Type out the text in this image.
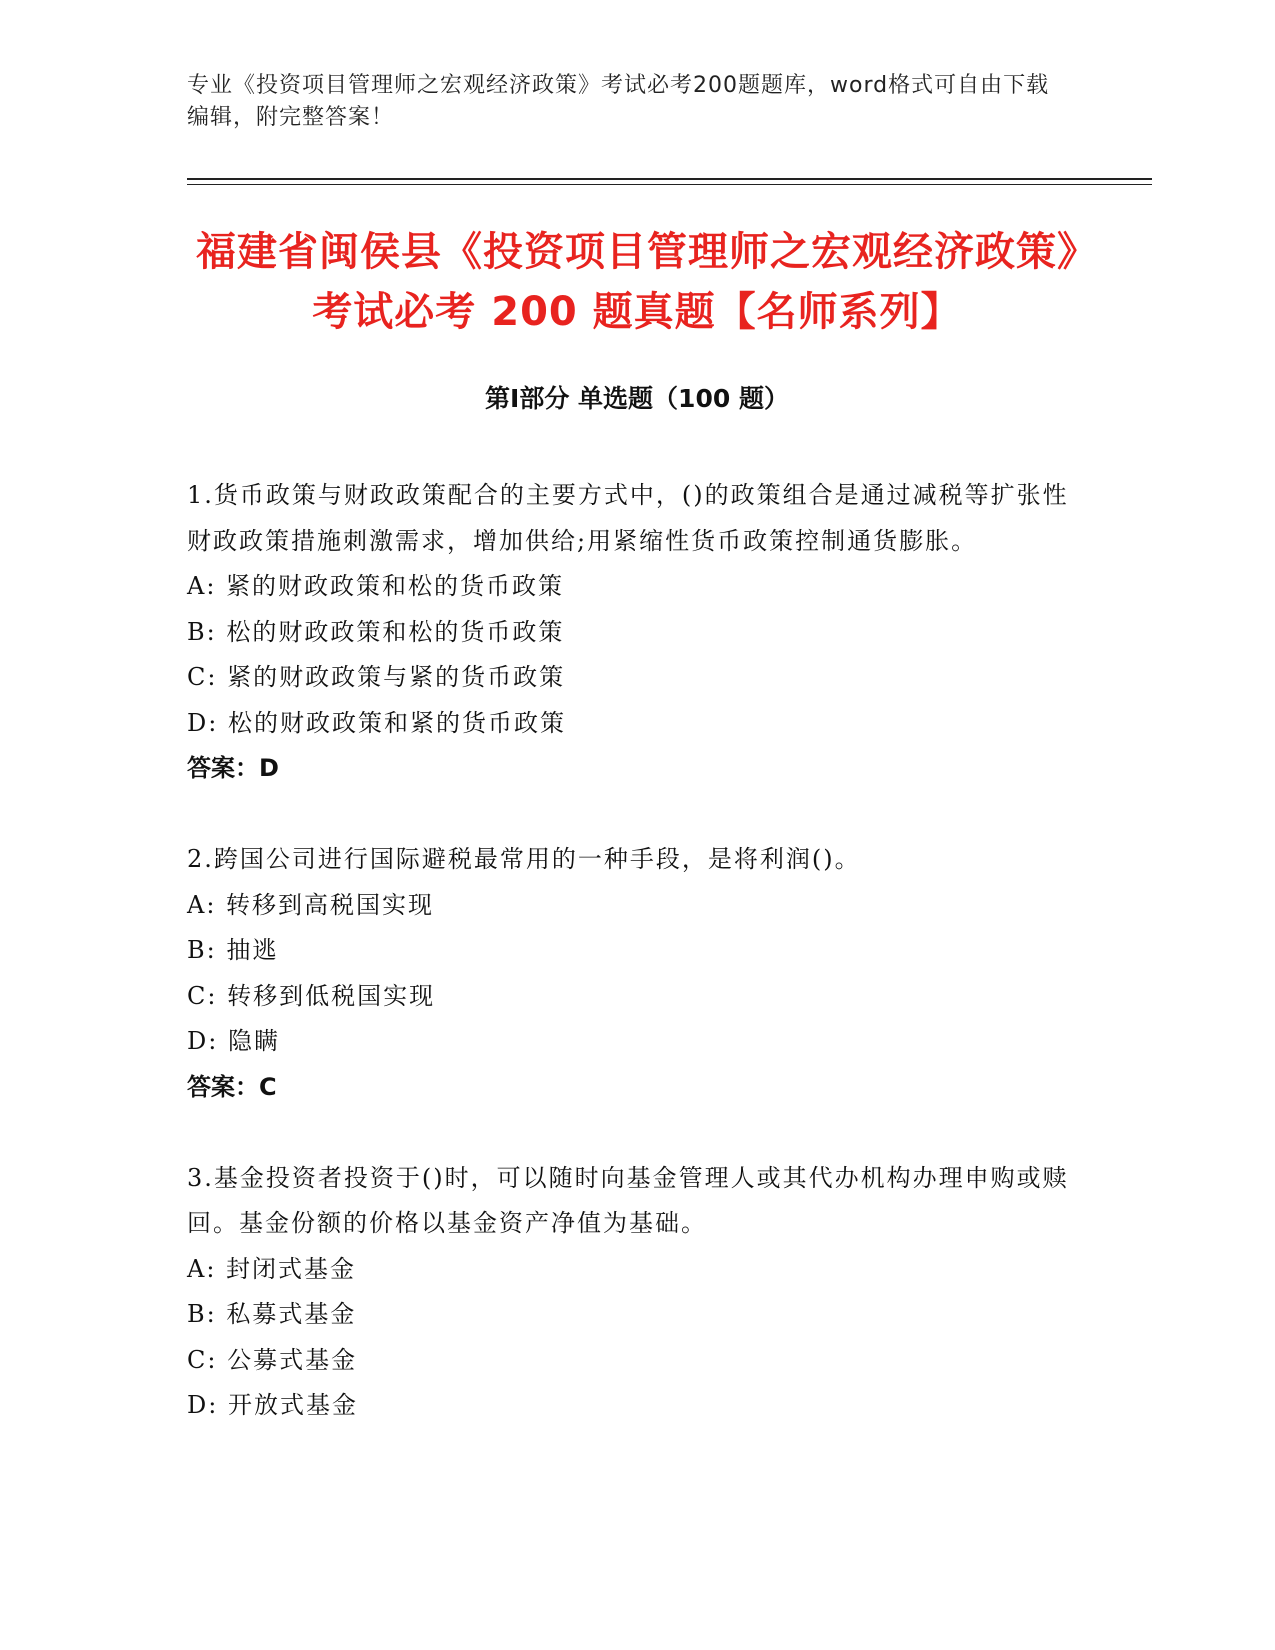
专业《投资项目管理师之宏观经济政策》考试必考200题题库，word格式可自由下载编辑，附完整答案！
福建省闽侯县《投资项目管理师之宏观经济政策》考试必考 200 题真题【名师系列】
第Ⅰ部分 单选题（100 题）
1.货币政策与财政政策配合的主要方式中，()的政策组合是通过减税等扩张性财政政策措施刺激需求，增加供给;用紧缩性货币政策控制通货膨胀。
A: 紧的财政政策和松的货币政策
B: 松的财政政策和松的货币政策
C: 紧的财政政策与紧的货币政策
D: 松的财政政策和紧的货币政策
答案：D
2.跨国公司进行国际避税最常用的一种手段，是将利润()。
A: 转移到高税国实现
B: 抽逃
C: 转移到低税国实现
D: 隐瞒
答案：C
3.基金投资者投资于()时，可以随时向基金管理人或其代办机构办理申购或赎回。基金份额的价格以基金资产净值为基础。
A: 封闭式基金
B: 私募式基金
C: 公募式基金
D: 开放式基金
